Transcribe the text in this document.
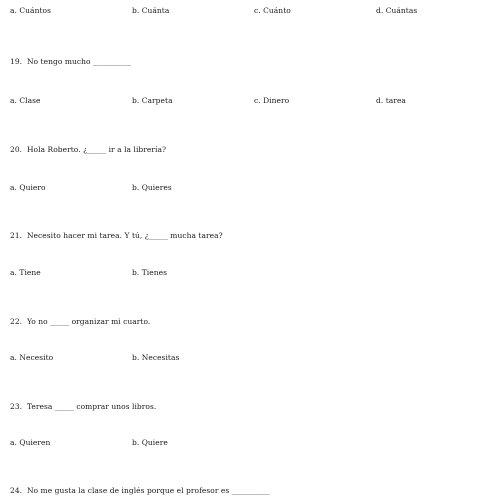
a. Cuántos	b. Cuánta	c. Cuánto	d. Cuántas
19.  No tengo mucho __________
a. Clase	b. Carpeta	c. Dinero	d. tarea
20.  Hola Roberto. ¿_____ ir a la librería?
a. Quiero	b. Quieres
21.  Necesito hacer mi tarea. Y tú, ¿_____ mucha tarea?
a. Tiene	b. Tienes
22.  Yo no _____ organizar mi cuarto.
a. Necesito	b. Necesitas
23.  Teresa _____ comprar unos libros.
a. Quieren	b. Quiere
24.  No me gusta la clase de inglés porque el profesor es __________
